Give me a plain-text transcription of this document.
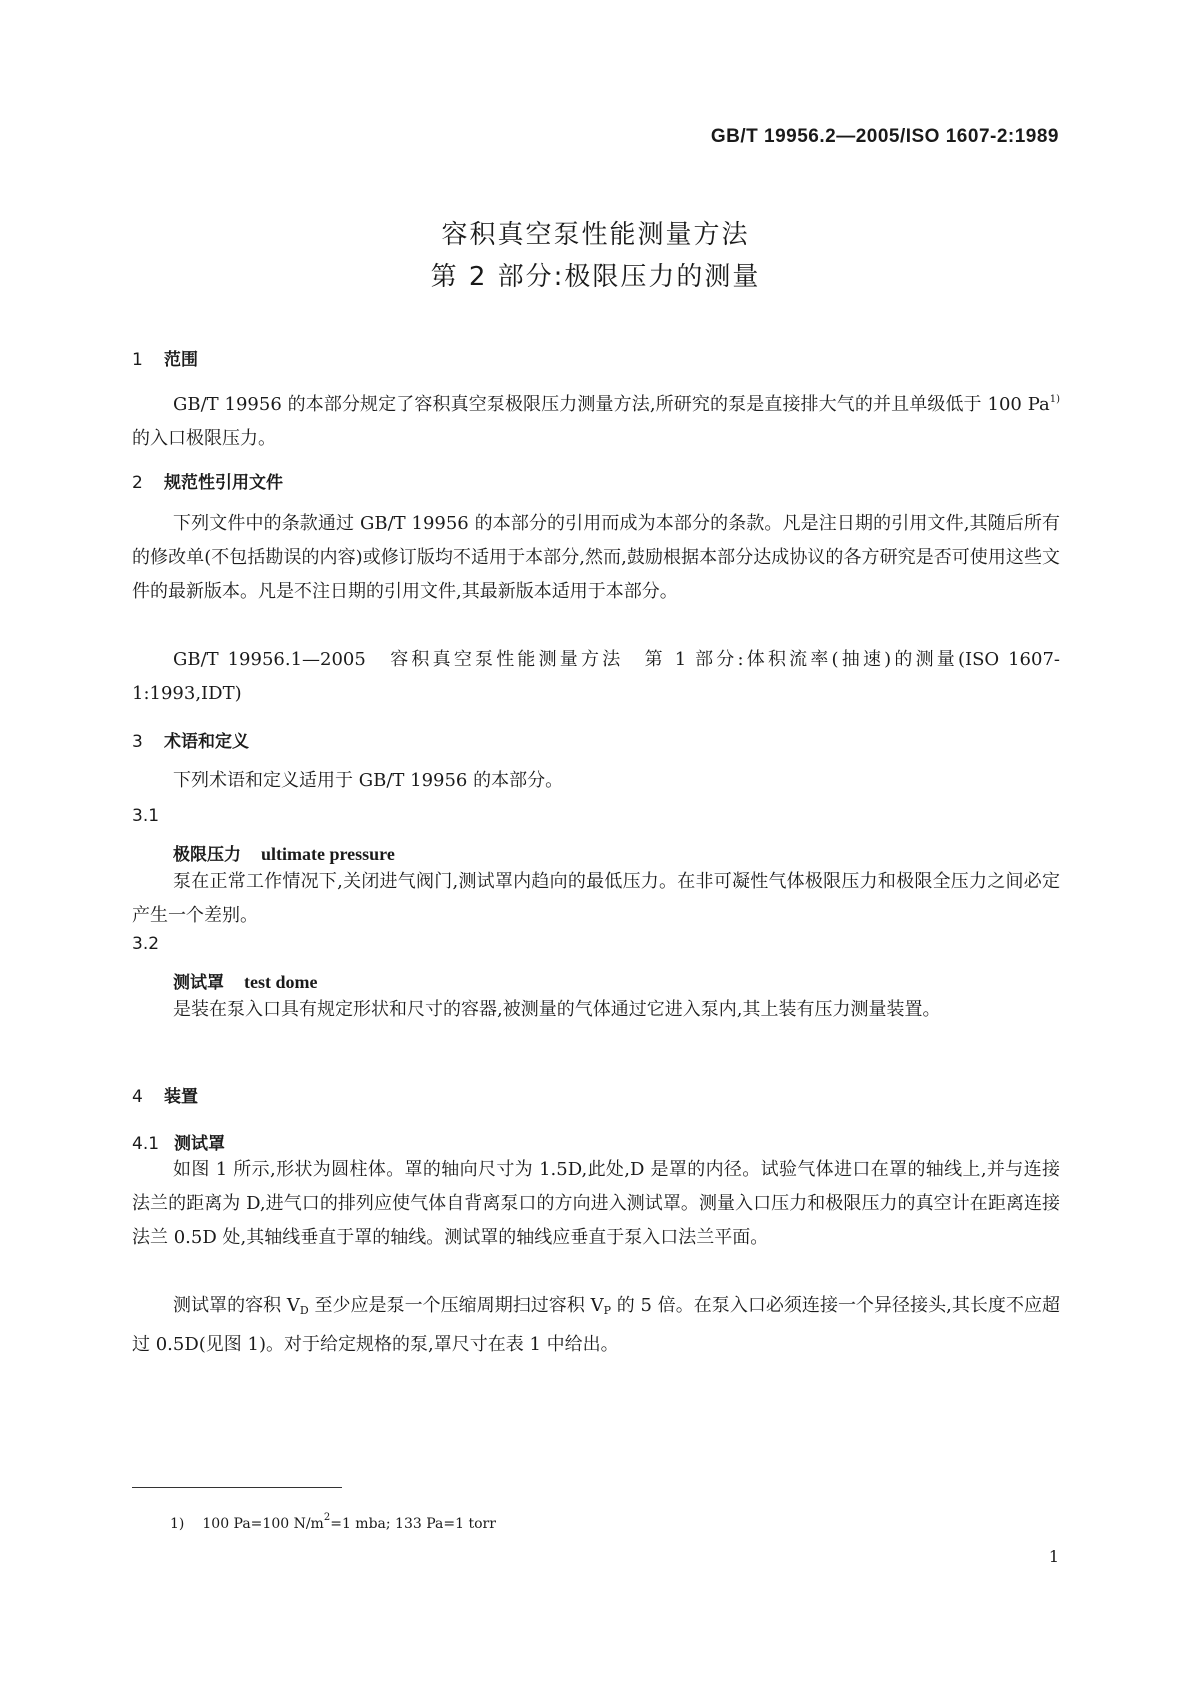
GB/T 19956.2—2005/ISO 1607-2:1989
容积真空泵性能测量方法
第 2 部分:极限压力的测量
1 范围
GB/T 19956 的本部分规定了容积真空泵极限压力测量方法,所研究的泵是直接排大气的并且单级低于 100 Pa$^{1)}$ 的入口极限压力。
2 规范性引用文件
下列文件中的条款通过 GB/T 19956 的本部分的引用而成为本部分的条款。凡是注日期的引用文件,其随后所有的修改单(不包括勘误的内容)或修订版均不适用于本部分,然而,鼓励根据本部分达成协议的各方研究是否可使用这些文件的最新版本。凡是不注日期的引用文件,其最新版本适用于本部分。
GB/T 19956.1—2005　容积真空泵性能测量方法　第 1 部分:体积流率(抽速)的测量(ISO 1607-1:1993,IDT)
3 术语和定义
下列术语和定义适用于 GB/T 19956 的本部分。
3.1
极限压力 ultimate pressure
泵在正常工作情况下,关闭进气阀门,测试罩内趋向的最低压力。在非可凝性气体极限压力和极限全压力之间必定产生一个差别。
3.2
测试罩 test dome
是装在泵入口具有规定形状和尺寸的容器,被测量的气体通过它进入泵内,其上装有压力测量装置。
4 装置
4.1 测试罩
如图 1 所示,形状为圆柱体。罩的轴向尺寸为 1.5D,此处,D 是罩的内径。试验气体进口在罩的轴线上,并与连接法兰的距离为 D,进气口的排列应使气体自背离泵口的方向进入测试罩。测量入口压力和极限压力的真空计在距离连接法兰 0.5D 处,其轴线垂直于罩的轴线。测试罩的轴线应垂直于泵入口法兰平面。
测试罩的容积 $V_D$ 至少应是泵一个压缩周期扫过容积 $V_P$ 的 5 倍。在泵入口必须连接一个异径接头,其长度不应超过 0.5D(见图 1)。对于给定规格的泵,罩尺寸在表 1 中给出。
1) 100 Pa=100 $N/m^2=1$ mba; 133 Pa=1 torr
1
